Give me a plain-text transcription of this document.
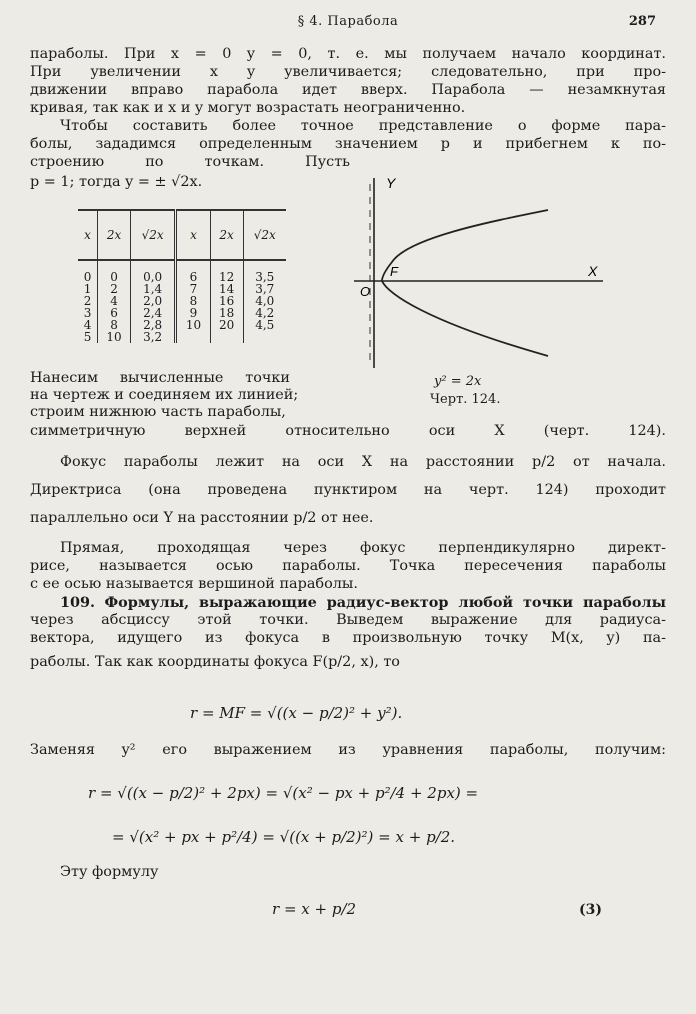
§ 4. Парабола	287
параболы. При x = 0 y = 0, т. е. мы получаем начало координат.
При увеличении x y увеличивается; следовательно, при про-
движении вправо парабола идет вверх. Парабола — незамкнутая
кривая, так как и x и y могут возрастать неограниченно.
Чтобы составить более точное представление о форме пара-
болы, зададимся определенным значением p и прибегнем к по-
строению по точкам. Пусть
p = 1; тогда y = ± √2x.
x	2x	√2x	x	2x	√2x

0	0	0,0	6	12	3,5
1	2	1,4	7	14	3,7
2	4	2,0	8	16	4,0
3	6	2,4	9	18	4,2
4	8	2,8	10	20	4,5
5	10	3,2			
Y
X
F
O
y² = 2x
Черт. 124.
Нанесим вычисленные точки
на чертеж и соединяем их линией;
строим нижнюю часть параболы,
симметричную верхней относительно оси X (черт. 124).
Фокус параболы лежит на оси X на расстоянии p/2 от начала.
Директриса (она проведена пунктиром на черт. 124) проходит
параллельно оси Y на расстоянии p/2 от нее.
Прямая, проходящая через фокус перпендикулярно директ-
рисе, называется осью параболы. Точка пересечения параболы
с ее осью называется вершиной параболы.
109. Формулы, выражающие радиус-вектор любой точки параболы
через абсциссу этой точки. Выведем выражение для радиуса-
вектора, идущего из фокуса в произвольную точку M(x, y) па-
раболы. Так как координаты фокуса F(p/2, x), то
r = MF = √((x − p/2)² + y²).
Заменяя y² его выражением из уравнения параболы, получим:
r = √((x − p/2)² + 2px) = √(x² − px + p²/4 + 2px) =
= √(x² + px + p²/4) = √((x + p/2)²) = x + p/2.
Эту формулу
r = x + p/2	(3)
